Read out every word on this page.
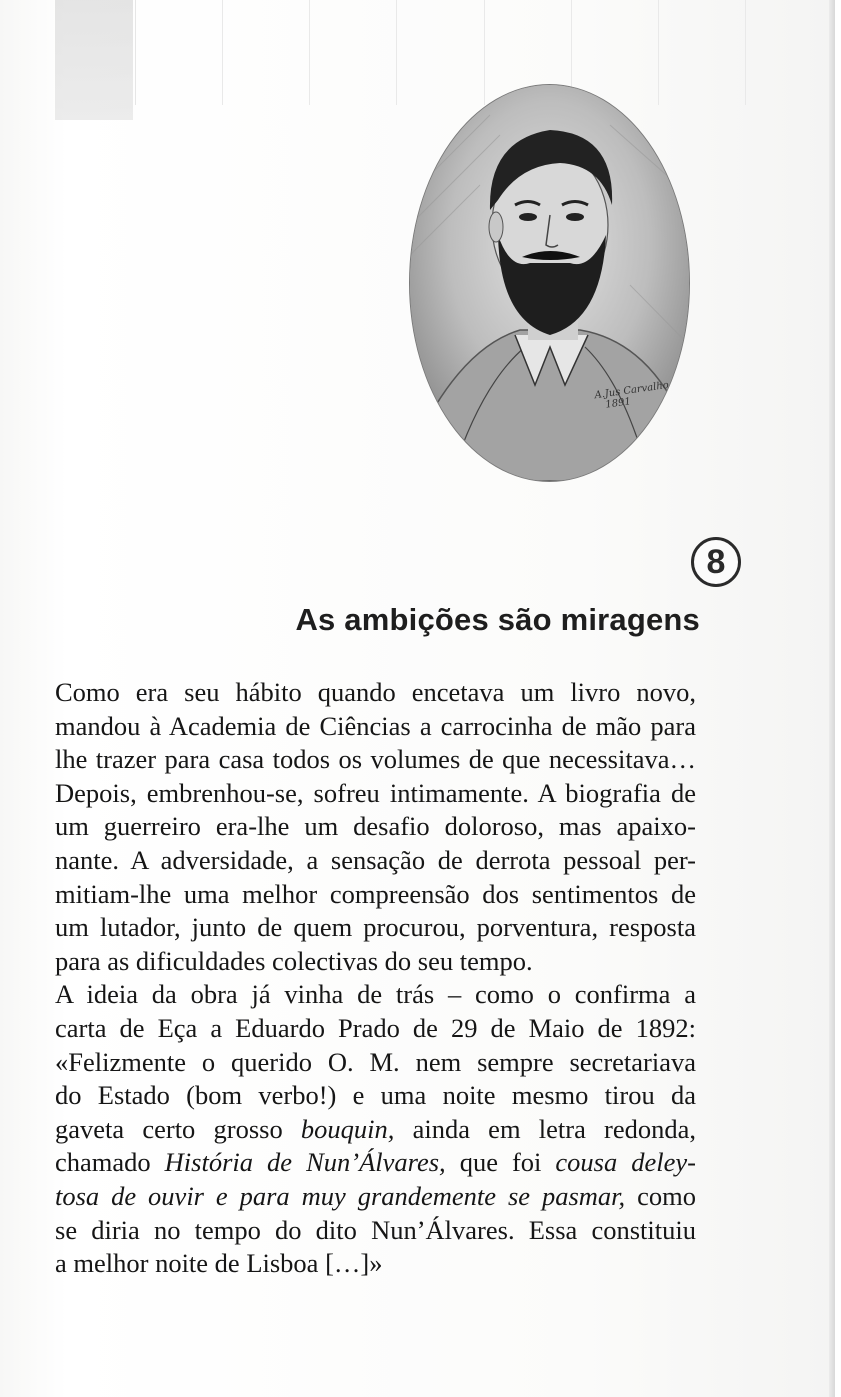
A.Jus Carvalho
1891
8
As ambições são miragens

Como era seu hábito quando encetava um livro novo,
mandou à Academia de Ciências a carrocinha de mão para
lhe trazer para casa todos os volumes de que necessitava…
Depois, embrenhou-se, sofreu intimamente. A biografia de
um guerreiro era-lhe um desafio doloroso, mas apaixo-
nante. A adversidade, a sensação de derrota pessoal per-
mitiam-lhe uma melhor compreensão dos sentimentos de
um lutador, junto de quem procurou, porventura, resposta
para as dificuldades colectivas do seu tempo.

A ideia da obra já vinha de trás – como o confirma a
carta de Eça a Eduardo Prado de 29 de Maio de 1892:
«Felizmente o querido O. M. nem sempre secretariava
do Estado (bom verbo!) e uma noite mesmo tirou da
gaveta certo grosso bouquin, ainda em letra redonda,
chamado História de Nun’Álvares, que foi cousa deley-
tosa de ouvir e para muy grandemente se pasmar, como
se diria no tempo do dito Nun’Álvares. Essa constituiu
a melhor noite de Lisboa […]»
